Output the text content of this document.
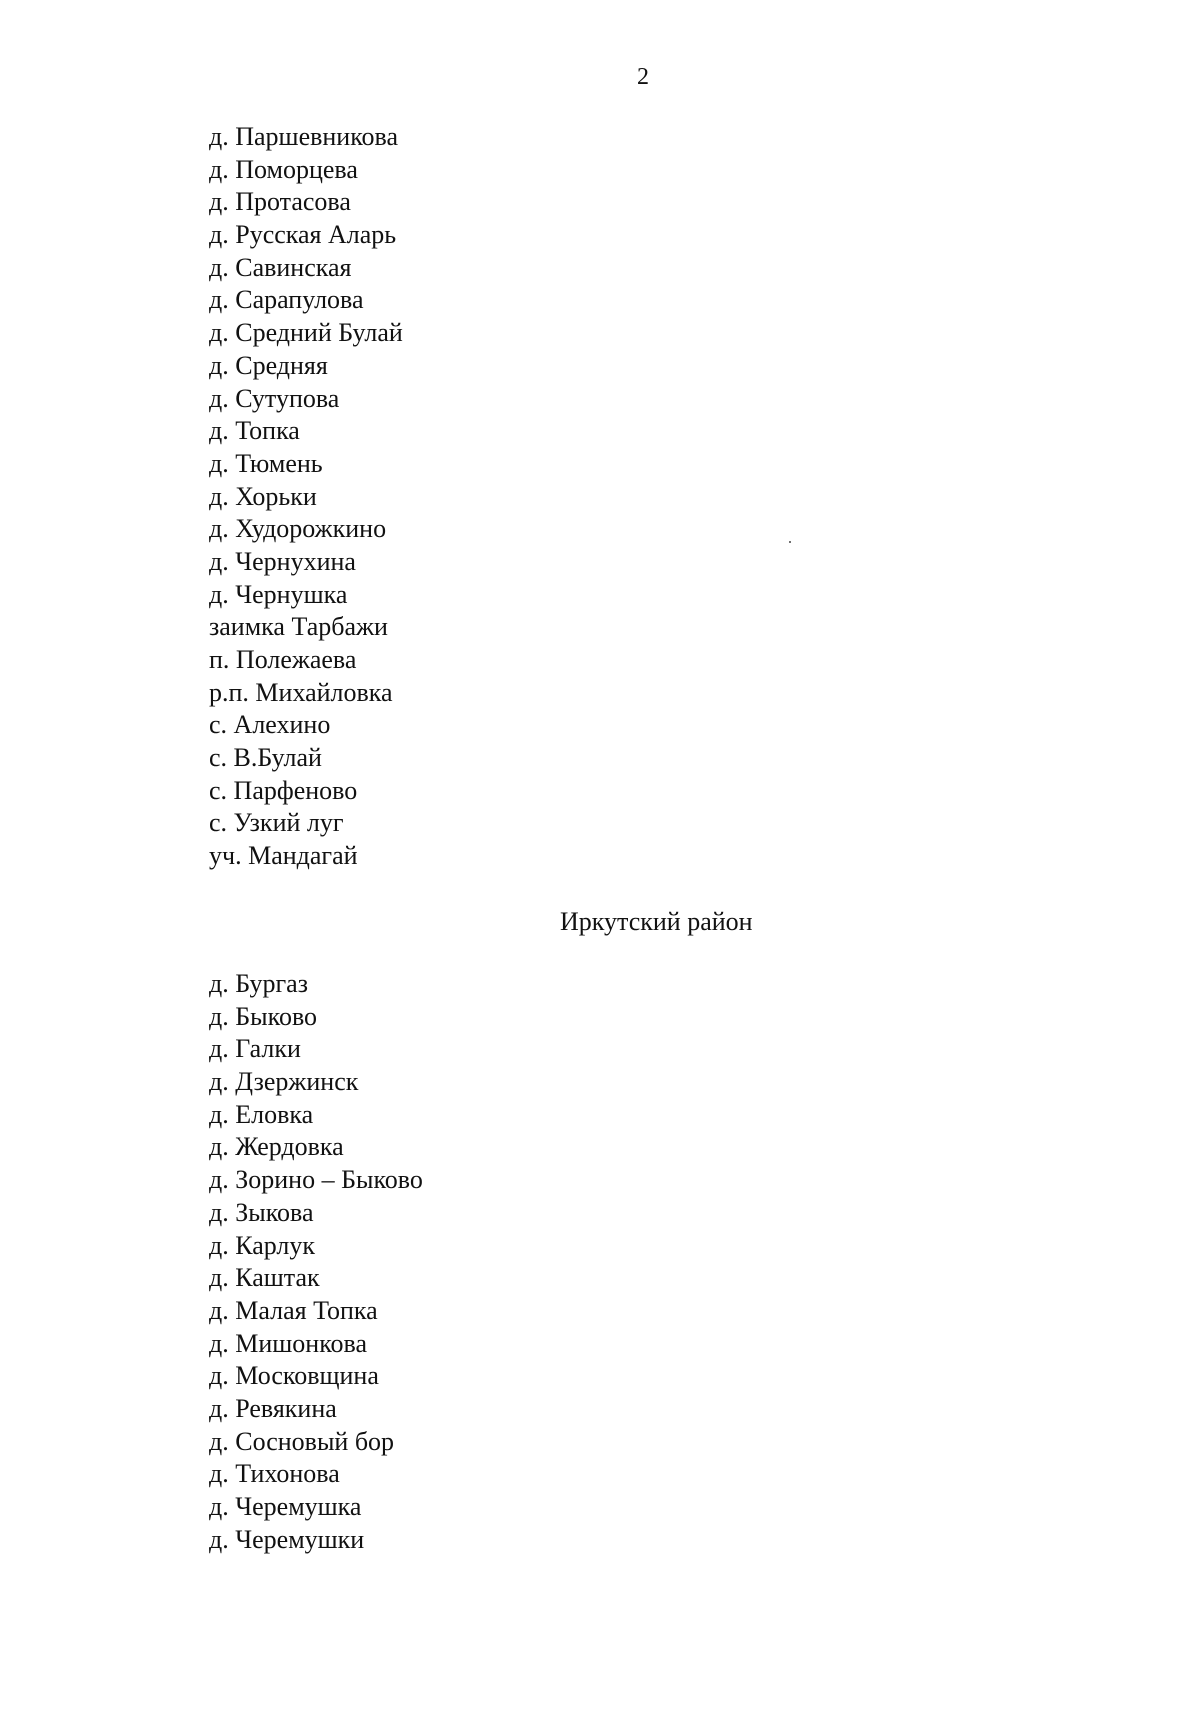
2
д. Паршевникова
д. Поморцева
д. Протасова
д. Русская Аларь
д. Савинская
д. Сарапулова
д. Средний Булай
д. Средняя
д. Сутупова
д. Топка
д. Тюмень
д. Хорьки
д. Худорожкино
д. Чернухина
д. Чернушка
заимка Тарбажи
п. Полежаева
р.п. Михайловка
с. Алехино
с. В.Булай
с. Парфеново
с. Узкий луг
уч. Мандагай
Иркутский район
д. Бургаз
д. Быково
д. Галки
д. Дзержинск
д. Еловка
д. Жердовка
д. Зорино – Быково
д. Зыкова
д. Карлук
д. Каштак
д. Малая Топка
д. Мишонкова
д. Московщина
д. Ревякина
д. Сосновый бор
д. Тихонова
д. Черемушка
д. Черемушки
